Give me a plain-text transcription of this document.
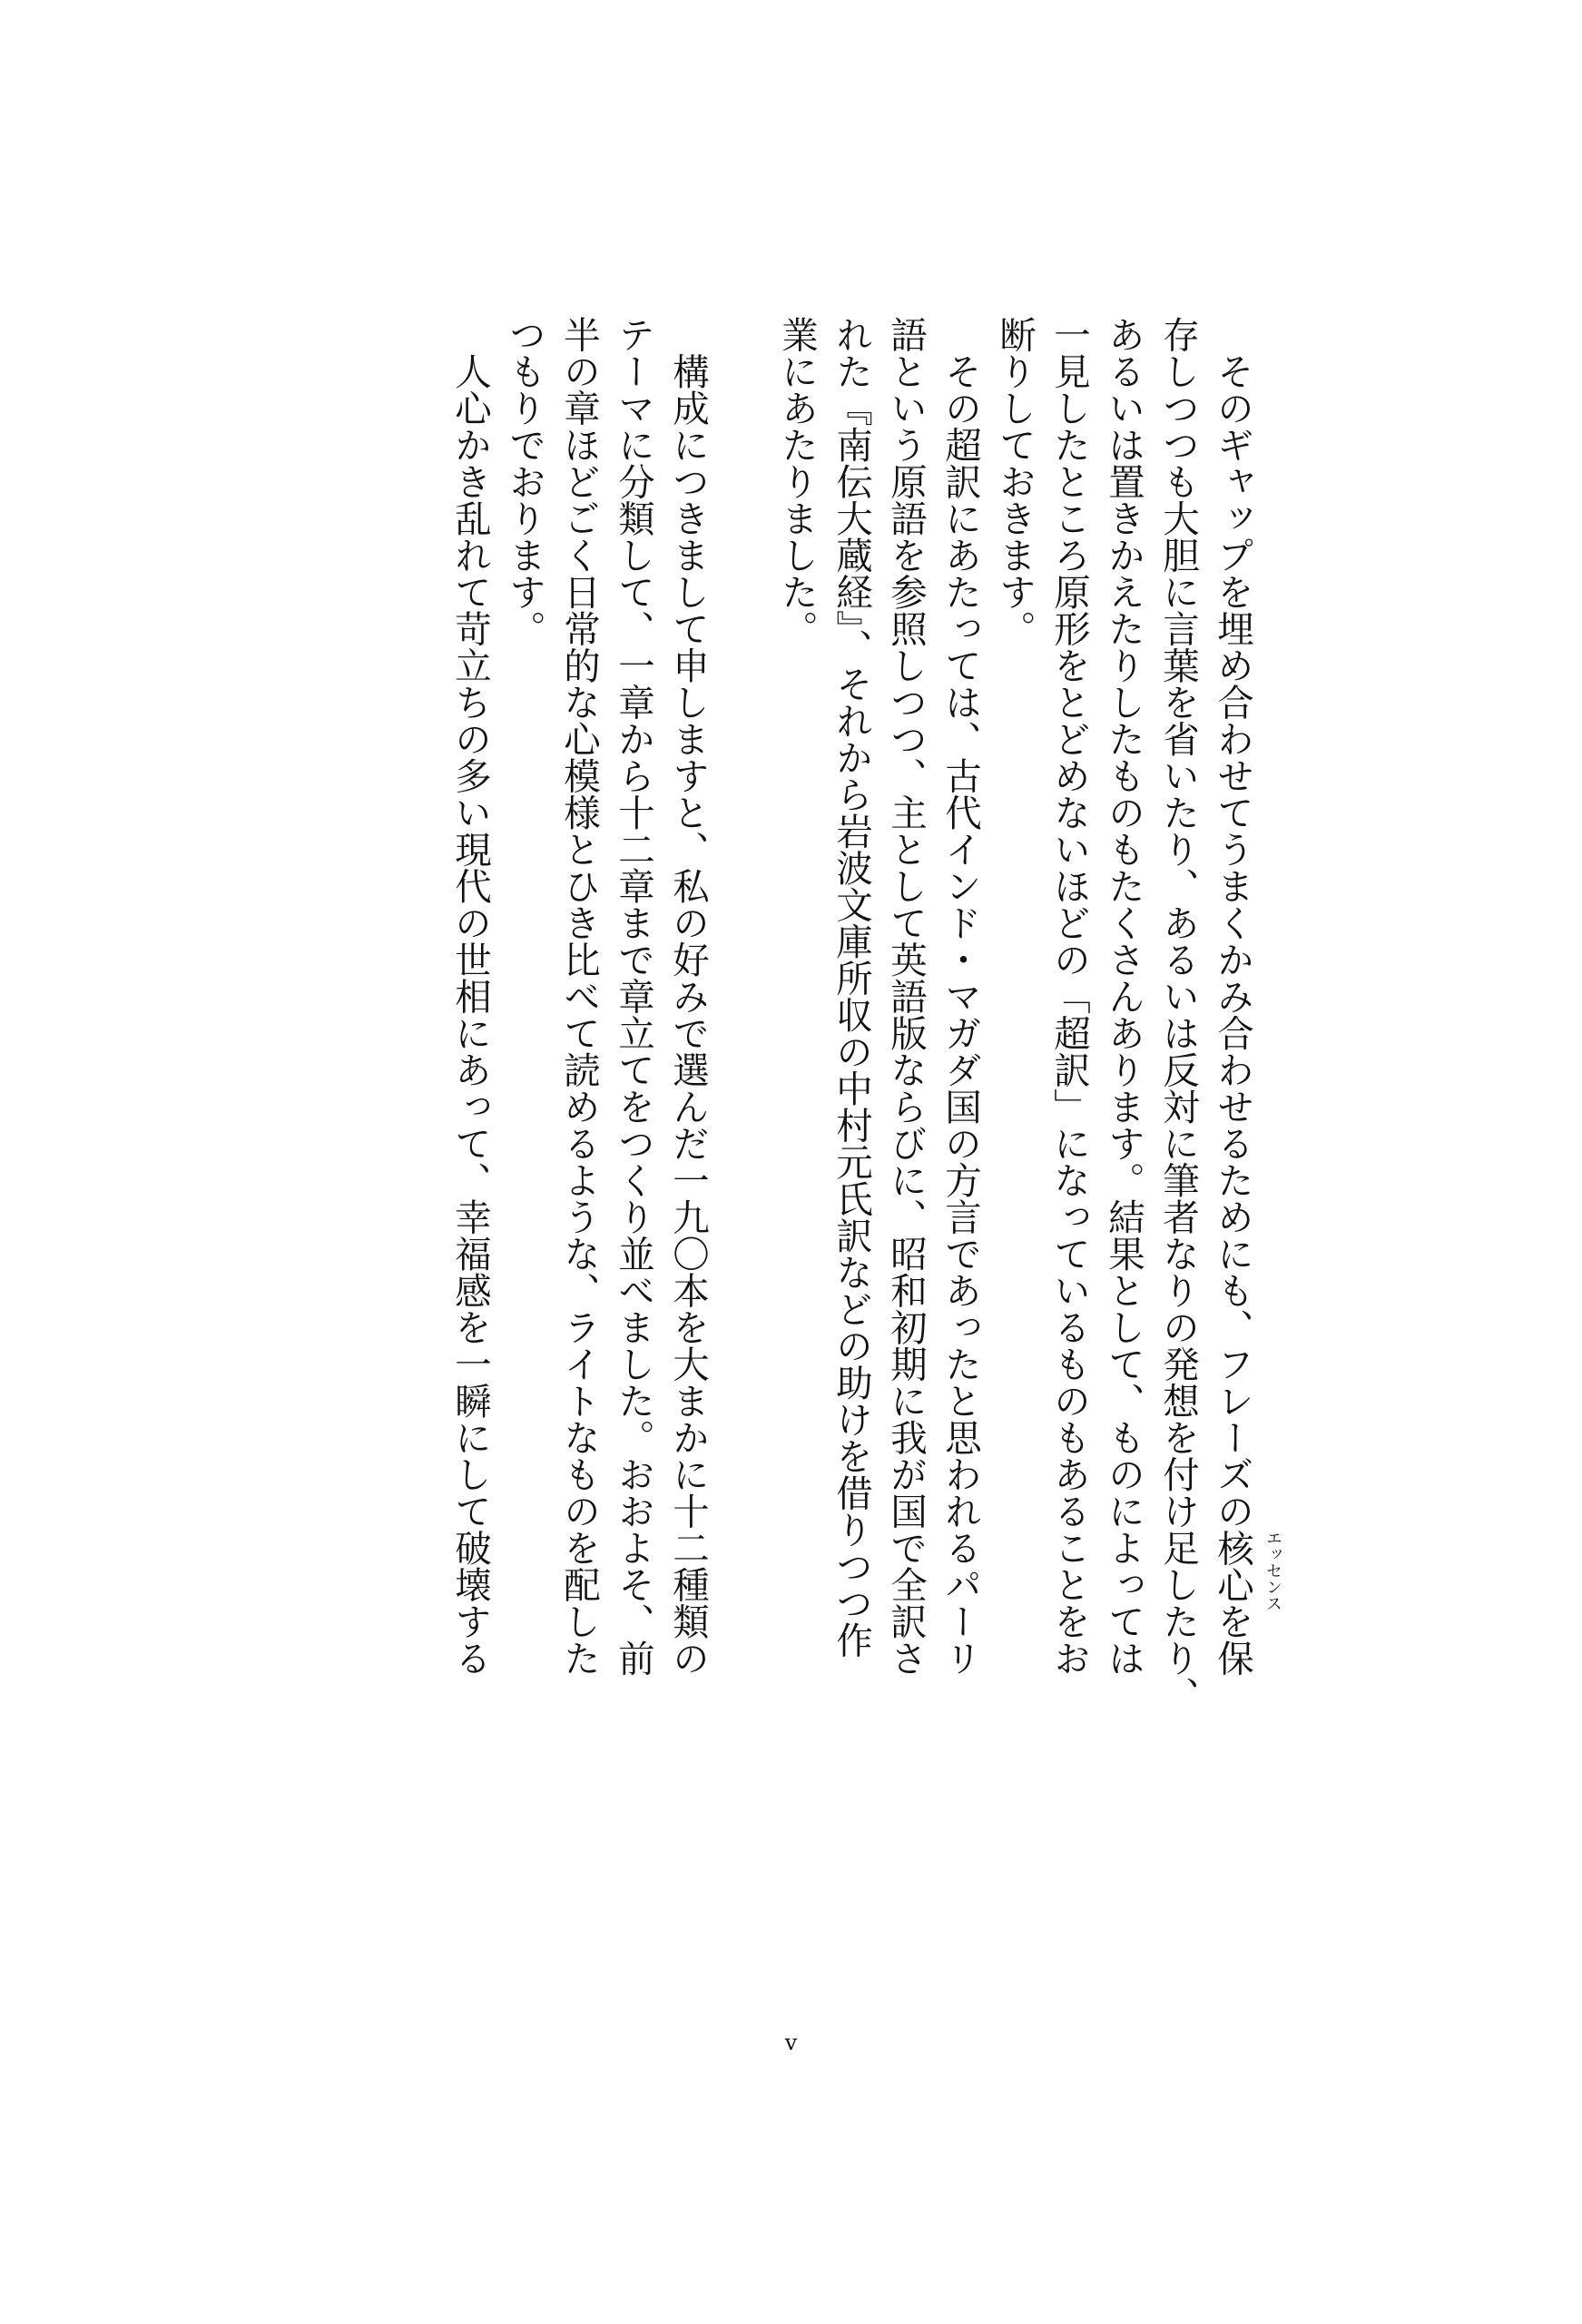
　そのギャップを埋め合わせてうまくかみ合わせるためにも、フレーズの核心 エッセンス
を保
存しつつも大胆に言葉を省いたり、あるいは反対に筆者なりの発想を付け足したり、
あるいは置きかえたりしたものもたくさんあります。結果として、ものによっては
一見したところ原形をとどめないほどの「超訳」になっているものもあることをお
断りしておきます。
　その超訳にあたっては、古代インド・マガダ国の方言であったと思われるパーリ
語という原語を参照しつつ、主として英語版ならびに、昭和初期に我が国で全訳さ
れた『南伝大蔵経』、それから岩波文庫所収の中村元氏訳などの助けを借りつつ作
業にあたりました。
　構成につきまして申しますと、私の好みで選んだ一九〇本を大まかに十二種類の
テーマに分類して、一章から十二章まで章立てをつくり並べました。おおよそ、前
半の章ほどごく日常的な心模様とひき比べて読めるような、ライトなものを配した
つもりでおります。
　人心かき乱れて苛立ちの多い現代の世相にあって、幸福感を一瞬にして破壊する
v
